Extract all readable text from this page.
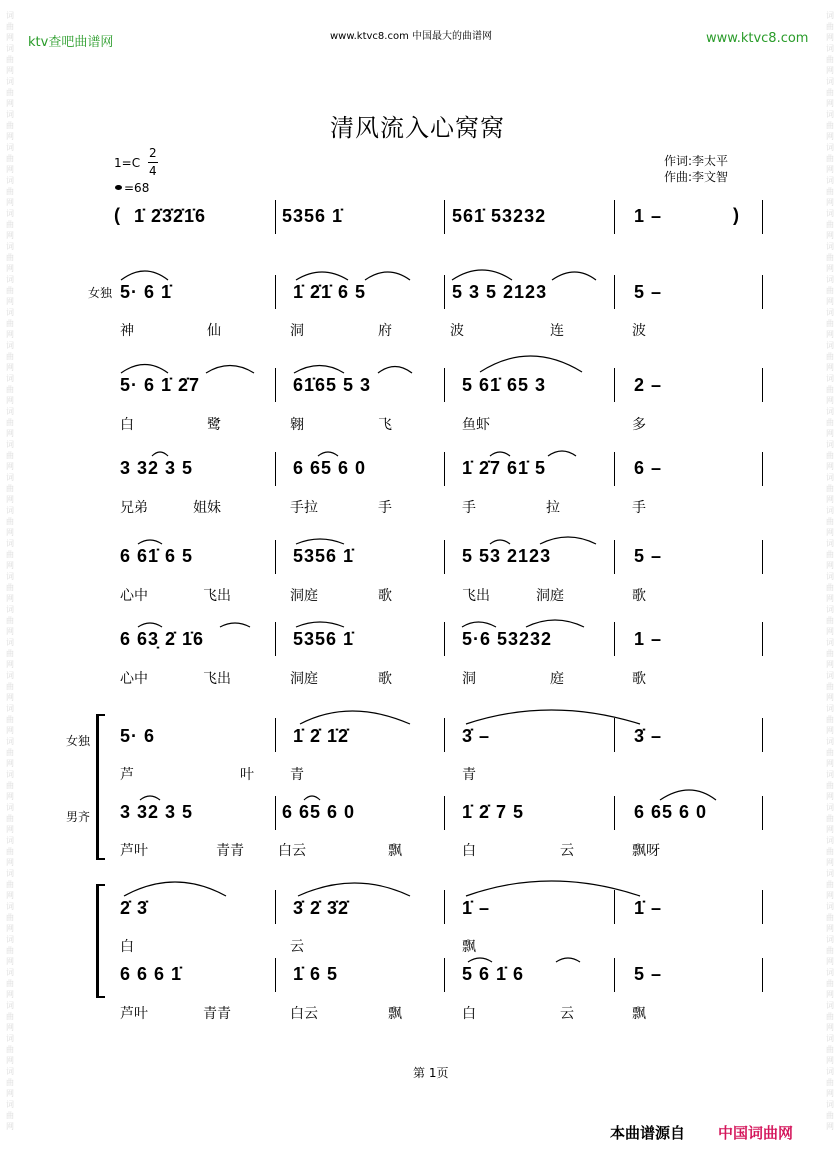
词曲网词曲网词曲网词曲网词曲网词曲网词曲网词曲网词曲网词曲网词曲网词曲网词曲网词曲网词曲网词曲网词曲网词曲网词曲网词曲网词曲网词曲网词曲网词曲网词曲网词曲网词曲网词曲网词曲网词曲网词曲网词曲网词曲网词曲网
词曲网词曲网词曲网词曲网词曲网词曲网词曲网词曲网词曲网词曲网词曲网词曲网词曲网词曲网词曲网词曲网词曲网词曲网词曲网词曲网词曲网词曲网词曲网词曲网词曲网词曲网词曲网词曲网词曲网词曲网词曲网词曲网词曲网词曲网
ktv查吧曲谱网	www.ktvc8.com 中国最大的曲谱网	www.ktvc8.com
清风流入心窝窝
1=C
2
4
=68
作词:李太平
作曲:李文智
( 1̇ 2̇3̇2̇1̇6	5356 1̇	561̇ 53232	1 –	)
女独 5· 6 1̇	1̇ 2̇1̇ 6 5	5 3 5 2123	5 –
神	仙	洞	府	波	连	波
5· 6 1̇ 2̇7	61̇65 5 3	5 61̇ 65 3	2 –
白	鹭	翱	飞	鱼虾	多
3 32 3 5	6 65 6 0	1̇ 2̇7 61̇ 5	6 –
兄弟	姐妹	手拉	手	手	拉	手
6 61̇ 6 5	5356 1̇	5 53 2123	5 –
心中	飞出	洞庭	歌	飞出	洞庭	歌
6 63̣ 2̇ 1̇6	5356 1̇	5·6 53232	1 –
心中	飞出	洞庭	歌	洞	庭	歌
女独
男齐
5· 6	1̇ 2̇ 1̇2̇	3̇ –	3̇ –
芦	叶	青	青
3 32 3 5	6 65 6 0	1̇ 2̇ 7 5	6 65 6 0
芦叶	青青 白云	飘	白	云	飘呀
2̇ 3̇	3̇ 2̇ 3̇2̇	1̇ –	1̇ –
白	云	飘
6 6 6 1̇	1̇ 6 5	5 6 1̇ 6	5 –
芦叶	青青	白云	飘	白	云	飘
第 1页
本曲谱源自 中国词曲网
